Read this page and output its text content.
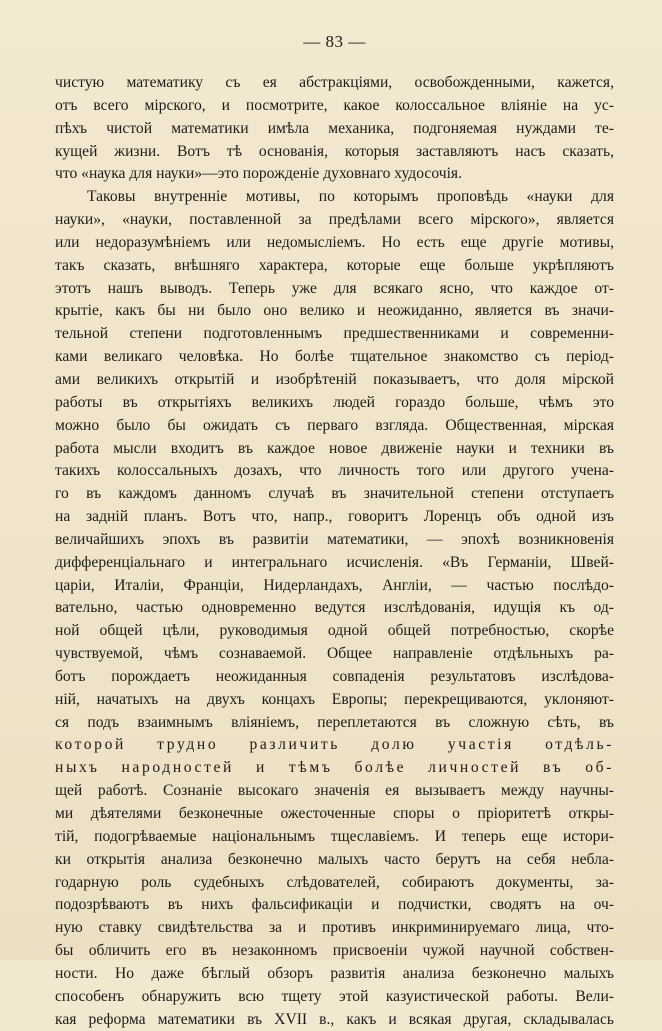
— 83 —
чистую математику съ ея абстракціями, освобожденными, кажется,
отъ всего мірского, и посмотрите, какое колоссальное вліяніе на ус-
пѣхъ чистой математики имѣла механика, подгоняемая нуждами те-
кущей жизни. Вотъ тѣ основанія, которыя заставляютъ насъ сказать,
что «наука для науки»—это порожденіе духовнаго худосочія.
Таковы внутренніе мотивы, по которымъ проповѣдь «науки для
науки», «науки, поставленной за предѣлами всего мірского», является
или недоразумѣніемъ или недомысліемъ. Но есть еще другіе мотивы,
такъ сказать, внѣшняго характера, которые еще больше укрѣпляютъ
этотъ нашъ выводъ. Теперь уже для всякаго ясно, что каждое от-
крытіе, какъ бы ни было оно велико и неожиданно, является въ значи-
тельной степени подготовленнымъ предшественниками и современни-
ками великаго человѣка. Но болѣе тщательное знакомство съ період-
ами великихъ открытій и изобрѣтеній показываетъ, что доля мірской
работы въ открытіяхъ великихъ людей гораздо больше, чѣмъ это
можно было бы ожидать съ перваго взгляда. Общественная, мірская
работа мысли входитъ въ каждое новое движеніе науки и техники въ
такихъ колоссальныхъ дозахъ, что личность того или другого учена-
го въ каждомъ данномъ случаѣ въ значительной степени отступаетъ
на задній планъ. Вотъ что, напр., говоритъ Лоренцъ объ одной изъ
величайшихъ эпохъ въ развитіи математики, — эпохѣ возникновенія
дифференціальнаго и интегральнаго исчисленія. «Въ Германіи, Швей-
царіи, Италіи, Франціи, Нидерландахъ, Англіи, — частью послѣдо-
вательно, частью одновременно ведутся изслѣдованія, идущія къ од-
ной общей цѣли, руководимыя одной общей потребностью, скорѣе
чувствуемой, чѣмъ сознаваемой. Общее направленіе отдѣльныхъ ра-
ботъ порождаетъ неожиданныя совпаденія результатовъ изслѣдова-
ній, начатыхъ на двухъ концахъ Европы; перекрещиваются, уклоняют-
ся подъ взаимнымъ вліяніемъ, переплетаются въ сложную сѣть, въ
которой трудно различить долю участія отдѣль-
ныхъ народностей и тѣмъ болѣе личностей въ об-
щей работѣ. Сознаніе высокаго значенія ея вызываетъ между научны-
ми дѣятелями безконечные ожесточенные споры о пріоритетѣ откры-
тій, подогрѣваемые національнымъ тщеславіемъ. И теперь еще истори-
ки открытія анализа безконечно малыхъ часто берутъ на себя небла-
годарную роль судебныхъ слѣдователей, собираютъ документы, за-
подозрѣваютъ въ нихъ фальсификаціи и подчистки, сводятъ на оч-
ную ставку свидѣтельства за и противъ инкриминируемаго лица, что-
бы обличить его въ незаконномъ присвоеніи чужой научной собствен-
ности. Но даже бѣглый обзоръ развитія анализа безконечно малыхъ
способенъ обнаружить всю тщету этой казуистической работы. Вели-
кая реформа математики въ XVII в., какъ и всякая другая, складывалась
